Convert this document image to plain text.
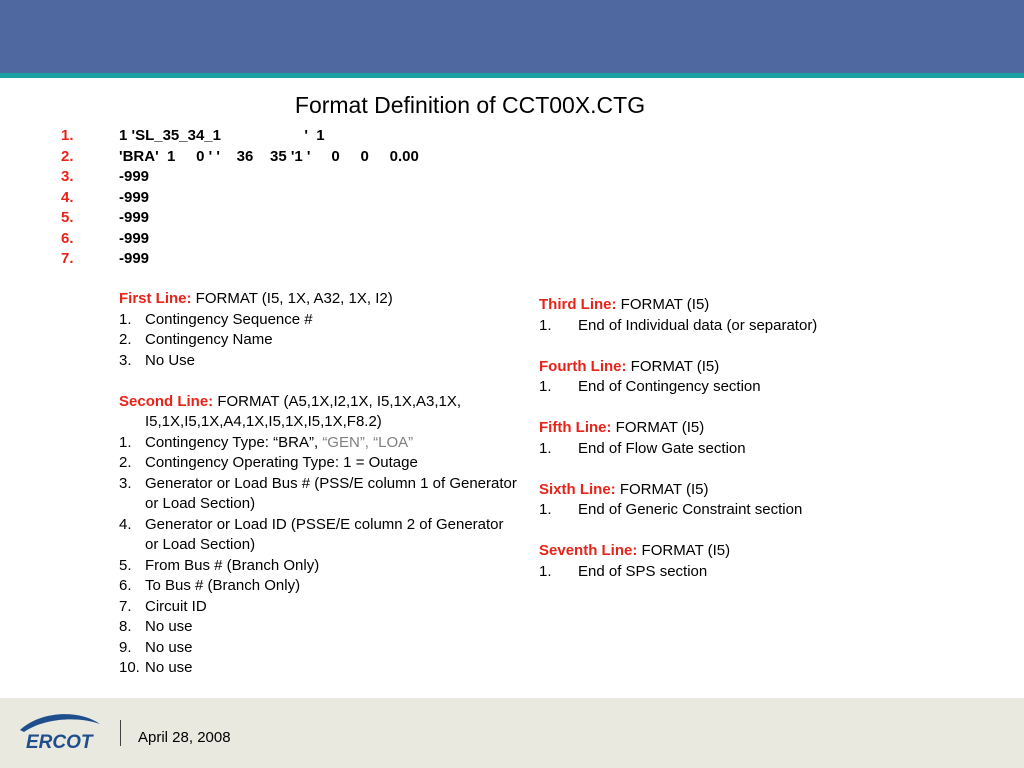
Format Definition of CCT00X.CTG
1.	1 'SL_35_34_1                    '  1
2.	'BRA'  1     0 ' '    36    35 '1 '     0     0     0.00
3.	-999
4.	-999
5.	-999
6.	-999
7.	-999
First Line: FORMAT (I5, 1X, A32, 1X, I2)
1. Contingency Sequence #
2. Contingency Name
3. No Use
Second Line: FORMAT (A5,1X,I2,1X, I5,1X,A3,1X,
I5,1X,I5,1X,A4,1X,I5,1X,I5,1X,F8.2)
1. Contingency Type: “BRA”, “GEN”, “LOA”
2. Contingency Operating Type: 1 = Outage
3. Generator or Load Bus # (PSS/E column 1 of Generator or Load Section)
4. Generator or Load ID (PSSE/E column 2 of Generator or Load Section)
5. From Bus # (Branch Only)
6. To Bus # (Branch Only)
7. Circuit ID
8. No use
9. No use
10. No use
Third Line: FORMAT (I5)
1.	End of Individual data (or separator)
Fourth Line: FORMAT (I5)
1.	End of Contingency section
Fifth Line: FORMAT (I5)
1.	End of Flow Gate section
Sixth Line: FORMAT (I5)
1.	End of Generic Constraint section
Seventh Line: FORMAT (I5)
1.	End of SPS section
ERCOT	April 28, 2008
